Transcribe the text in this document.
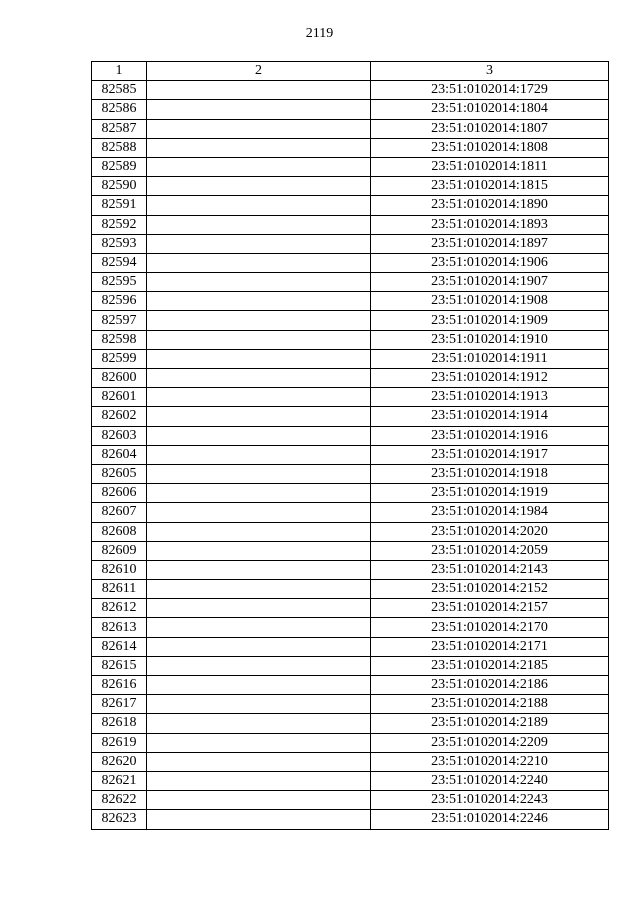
2119
1	2	3
82585		23:51:0102014:1729
82586		23:51:0102014:1804
82587		23:51:0102014:1807
82588		23:51:0102014:1808
82589		23:51:0102014:1811
82590		23:51:0102014:1815
82591		23:51:0102014:1890
82592		23:51:0102014:1893
82593		23:51:0102014:1897
82594		23:51:0102014:1906
82595		23:51:0102014:1907
82596		23:51:0102014:1908
82597		23:51:0102014:1909
82598		23:51:0102014:1910
82599		23:51:0102014:1911
82600		23:51:0102014:1912
82601		23:51:0102014:1913
82602		23:51:0102014:1914
82603		23:51:0102014:1916
82604		23:51:0102014:1917
82605		23:51:0102014:1918
82606		23:51:0102014:1919
82607		23:51:0102014:1984
82608		23:51:0102014:2020
82609		23:51:0102014:2059
82610		23:51:0102014:2143
82611		23:51:0102014:2152
82612		23:51:0102014:2157
82613		23:51:0102014:2170
82614		23:51:0102014:2171
82615		23:51:0102014:2185
82616		23:51:0102014:2186
82617		23:51:0102014:2188
82618		23:51:0102014:2189
82619		23:51:0102014:2209
82620		23:51:0102014:2210
82621		23:51:0102014:2240
82622		23:51:0102014:2243
82623		23:51:0102014:2246
